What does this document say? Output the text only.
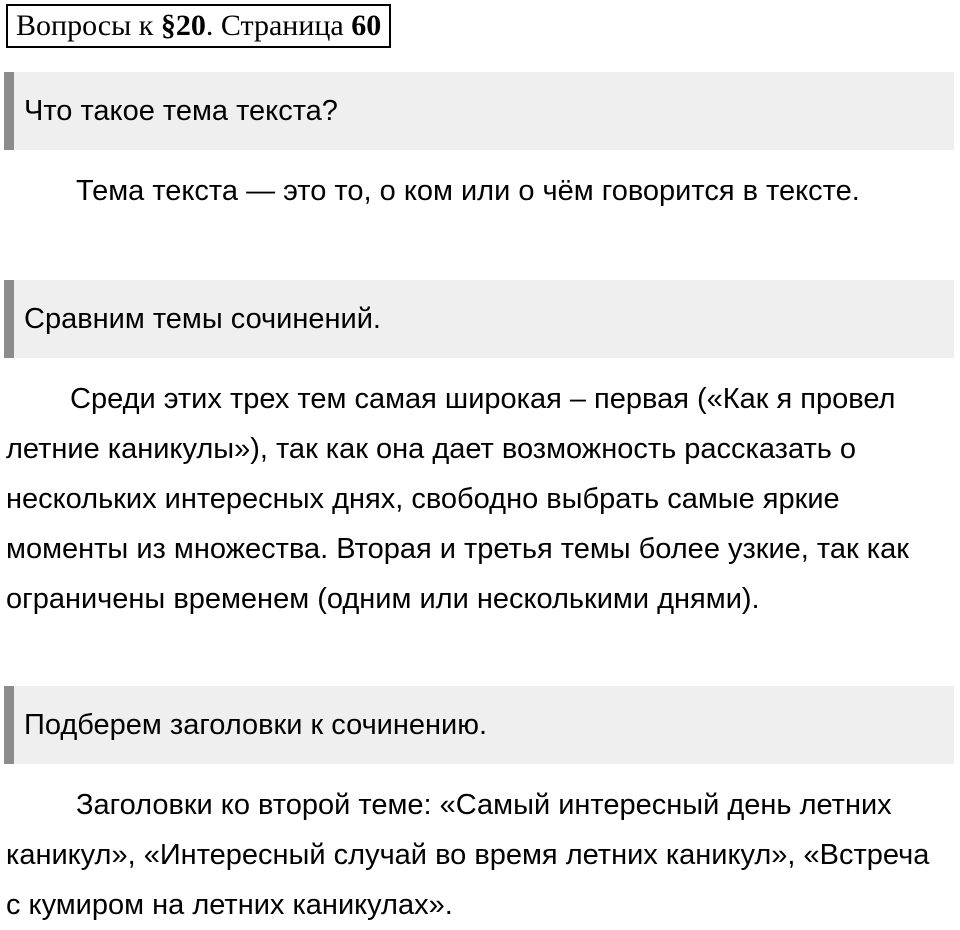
Вопросы к §20. Страница 60
Что такое тема текста?

Тема текста — это то, о ком или о чём говорится в тексте.

Сравним темы сочинений.

Среди этих трех тем самая широкая – первая («Как я провел летние каникулы»), так как она дает возможность рассказать о нескольких интересных днях, свободно выбрать самые яркие моменты из множества. Вторая и третья темы более узкие, так как ограничены временем (одним или несколькими днями).

Подберем заголовки к сочинению.

Заголовки ко второй теме: «Самый интересный день летних каникул», «Интересный случай во время летних каникул», «Встреча с кумиром на летних каникулах».
